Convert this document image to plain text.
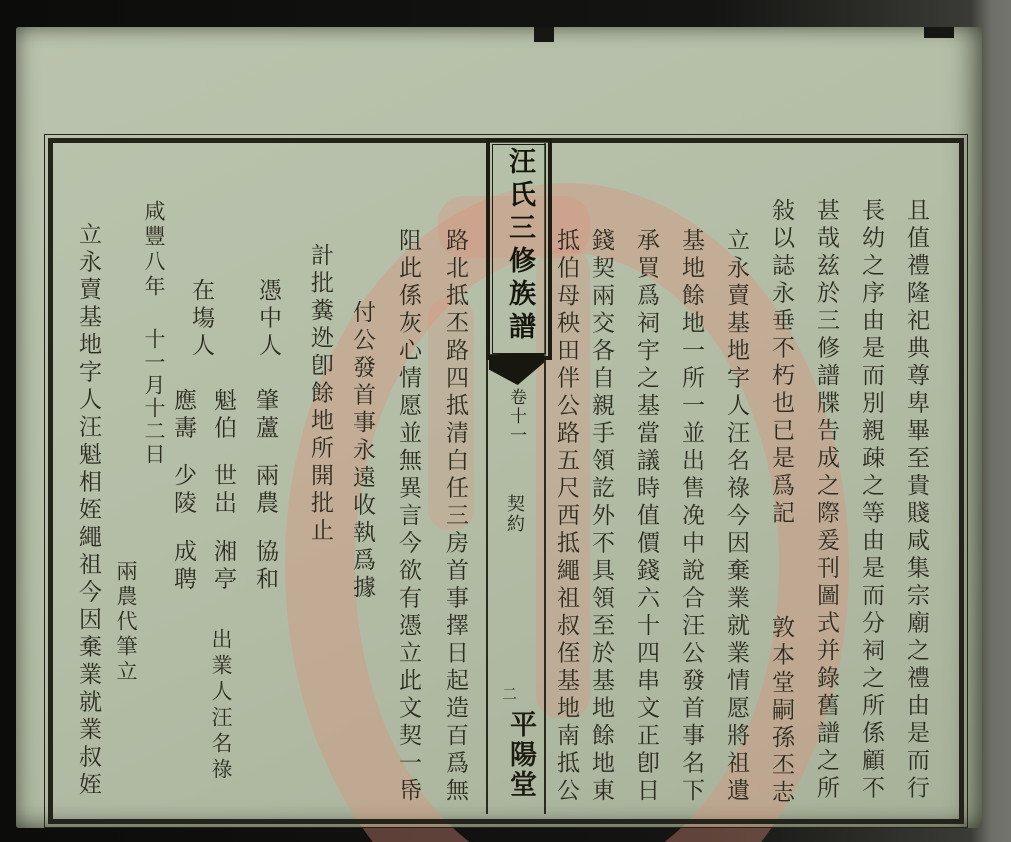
汪氏三修族譜
卷十一
契約
二
平陽堂	且值禮隆祀典尊卑畢至貴賤咸集宗廟之禮由是而行
長幼之序由是而別親疎之等由是而分祠之所係顧不
甚哉兹於三修譜牒告成之際爰刊圖式并錄舊譜之所
敍以誌永垂不朽也已是爲記
敦本堂嗣孫丕志
立永賣基地字人汪名祿今因棄業就業情愿將祖遺
基地餘地一所一並出售凂中說合汪公發首事名下
承買爲祠宇之基當議時值價錢六十四串文正卽日
錢契兩交各自親手領訖外不具領至於基地餘地東
抵伯母秧田伴公路五尺西抵繩祖叔侄基地南抵公
路北抵丕路四抵清白任三房首事擇日起造百爲無
阻此係灰心情愿並無異言今欲有憑立此文契一帋
付公發首事永遠收執爲據
計批糞迯卽餘地所開批止
憑中人
肇蘆
兩農
協和
魁伯
世岀
湘亭
出業人汪名祿
在塲人
應夀
少陵
成聘
咸豐八年
十一月十二日
兩農代筆立
立永賣基地字人汪魁相姪繩祖今因棄業就業叔姪
